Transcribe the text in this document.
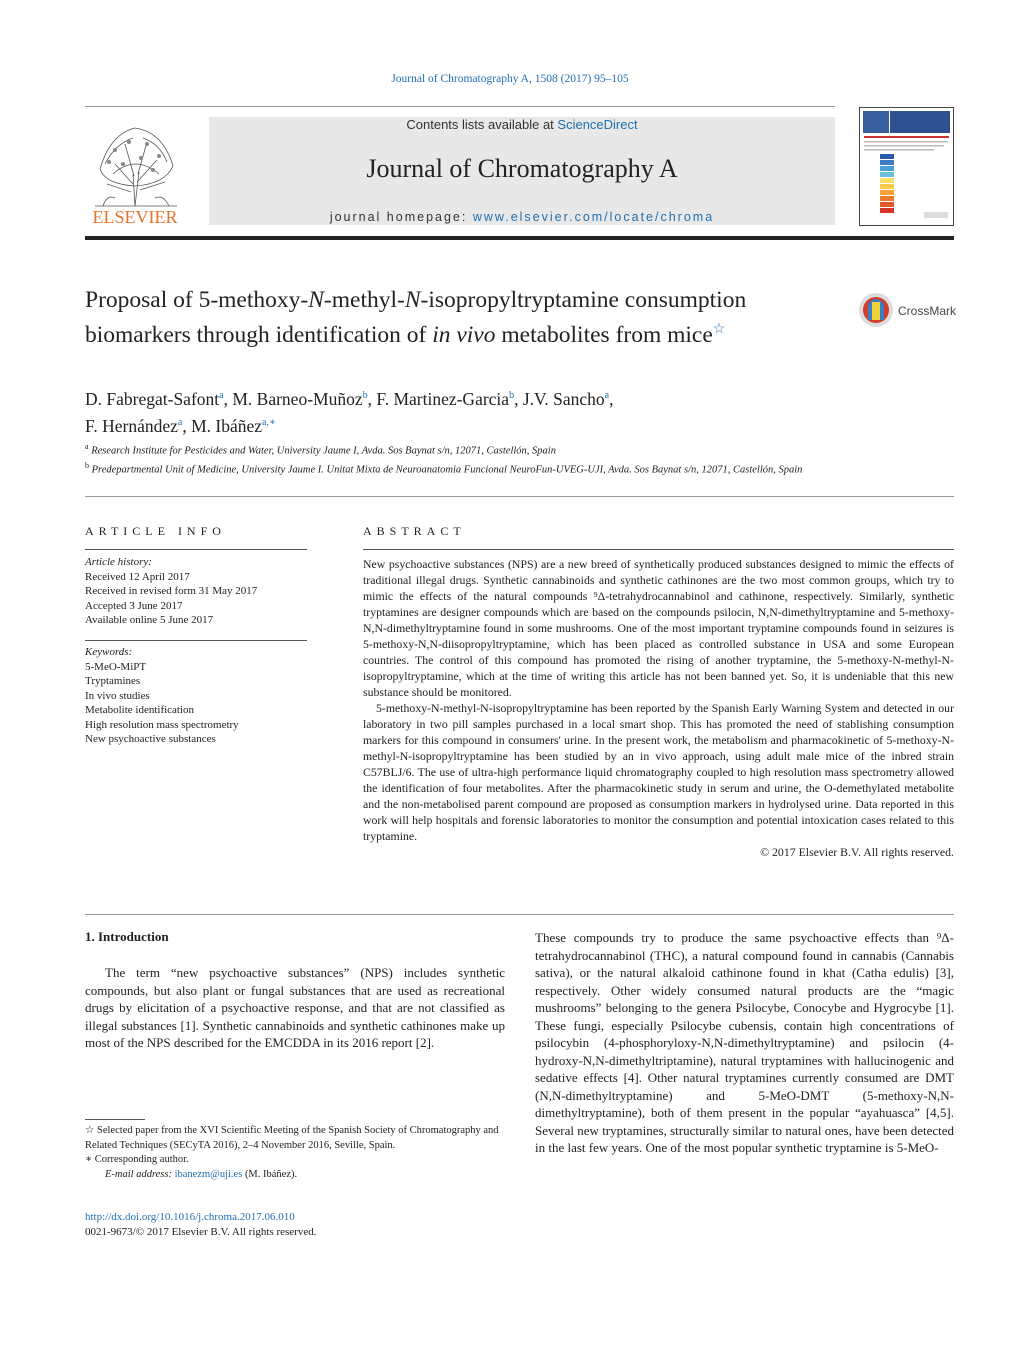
Journal of Chromatography A, 1508 (2017) 95–105
ELSEVIER
Contents lists available at ScienceDirect
Journal of Chromatography A
journal homepage: www.elsevier.com/locate/chroma
Proposal of 5-methoxy-N-methyl-N-isopropyltryptamine consumption biomarkers through identification of in vivo metabolites from mice☆
CrossMark
D. Fabregat-Safont$^a$, M. Barneo-Muñoz$^b$, F. Martinez-Garcia$^b$, J.V. Sancho$^a$,
F. Hernández$^a$, M. Ibáñez$^{a,∗}$
$^a$ Research Institute for Pesticides and Water, University Jaume I, Avda. Sos Baynat s/n, 12071, Castellón, Spain
$^b$ Predepartmental Unit of Medicine, University Jaume I. Unitat Mixta de Neuroanatomia Funcional NeuroFun-UVEG-UJI, Avda. Sos Baynat s/n, 12071, Castellón, Spain
ARTICLE INFO
Article history:
Received 12 April 2017
Received in revised form 31 May 2017
Accepted 3 June 2017
Available online 5 June 2017
Keywords:
5-MeO-MiPT
Tryptamines
In vivo studies
Metabolite identification
High resolution mass spectrometry
New psychoactive substances
ABSTRACT

New psychoactive substances (NPS) are a new breed of synthetically produced substances designed to mimic the effects of traditional illegal drugs. Synthetic cannabinoids and synthetic cathinones are the two most common groups, which try to mimic the effects of the natural compounds ⁹Δ-tetrahydrocannabinol and cathinone, respectively. Similarly, synthetic tryptamines are designer compounds which are based on the compounds psilocin, N,N-dimethyltryptamine and 5-methoxy-N,N-dimethyltryptamine found in some mushrooms. One of the most important tryptamine compounds found in seizures is 5-methoxy-N,N-diisopropyltryptamine, which has been placed as controlled substance in USA and some European countries. The control of this compound has promoted the rising of another tryptamine, the 5-methoxy-N-methyl-N-isopropyltryptamine, which at the time of writing this article has not been banned yet. So, it is undeniable that this new substance should be monitored.

5-methoxy-N-methyl-N-isopropyltryptamine has been reported by the Spanish Early Warning System and detected in our laboratory in two pill samples purchased in a local smart shop. This has promoted the need of stablishing consumption markers for this compound in consumers' urine. In the present work, the metabolism and pharmacokinetic of 5-methoxy-N-methyl-N-isopropyltryptamine has been studied by an in vivo approach, using adult male mice of the inbred strain C57BLJ/6. The use of ultra-high performance liquid chromatography coupled to high resolution mass spectrometry allowed the identification of four metabolites. After the pharmacokinetic study in serum and urine, the O-demethylated metabolite and the non-metabolised parent compound are proposed as consumption markers in hydrolysed urine. Data reported in this work will help hospitals and forensic laboratories to monitor the consumption and potential intoxication cases related to this tryptamine.

© 2017 Elsevier B.V. All rights reserved.

1. Introduction
The term “new psychoactive substances” (NPS) includes synthetic compounds, but also plant or fungal substances that are used as recreational drugs by elicitation of a psychoactive response, and that are not classified as illegal substances [1]. Synthetic cannabinoids and synthetic cathinones make up most of the NPS described for the EMCDDA in its 2016 report [2].
These compounds try to produce the same psychoactive effects than ⁹Δ-tetrahydrocannabinol (THC), a natural compound found in cannabis (Cannabis sativa), or the natural alkaloid cathinone found in khat (Catha edulis) [3], respectively. Other widely consumed natural products are the “magic mushrooms” belonging to the genera Psilocybe, Conocybe and Hygrocybe [1]. These fungi, especially Psilocybe cubensis, contain high concentrations of psilocybin (4-phosphoryloxy-N,N-dimethyltryptamine) and psilocin (4-hydroxy-N,N-dimethyltriptamine), natural tryptamines with hallucinogenic and sedative effects [4]. Other natural tryptamines currently consumed are DMT (N,N-dimethyltryptamine) and 5-MeO-DMT (5-methoxy-N,N-dimethyltryptamine), both of them present in the popular “ayahuasca” [4,5]. Several new tryptamines, structurally similar to natural ones, have been detected in the last few years. One of the most popular synthetic tryptamine is 5-MeO-

☆ Selected paper from the XVI Scientific Meeting of the Spanish Society of Chromatography and Related Techniques (SECyTA 2016), 2–4 November 2016, Seville, Spain.

∗ Corresponding author.

E-mail address: ibanezm@uji.es (M. Ibáñez).

http://dx.doi.org/10.1016/j.chroma.2017.06.010
0021-9673/© 2017 Elsevier B.V. All rights reserved.
